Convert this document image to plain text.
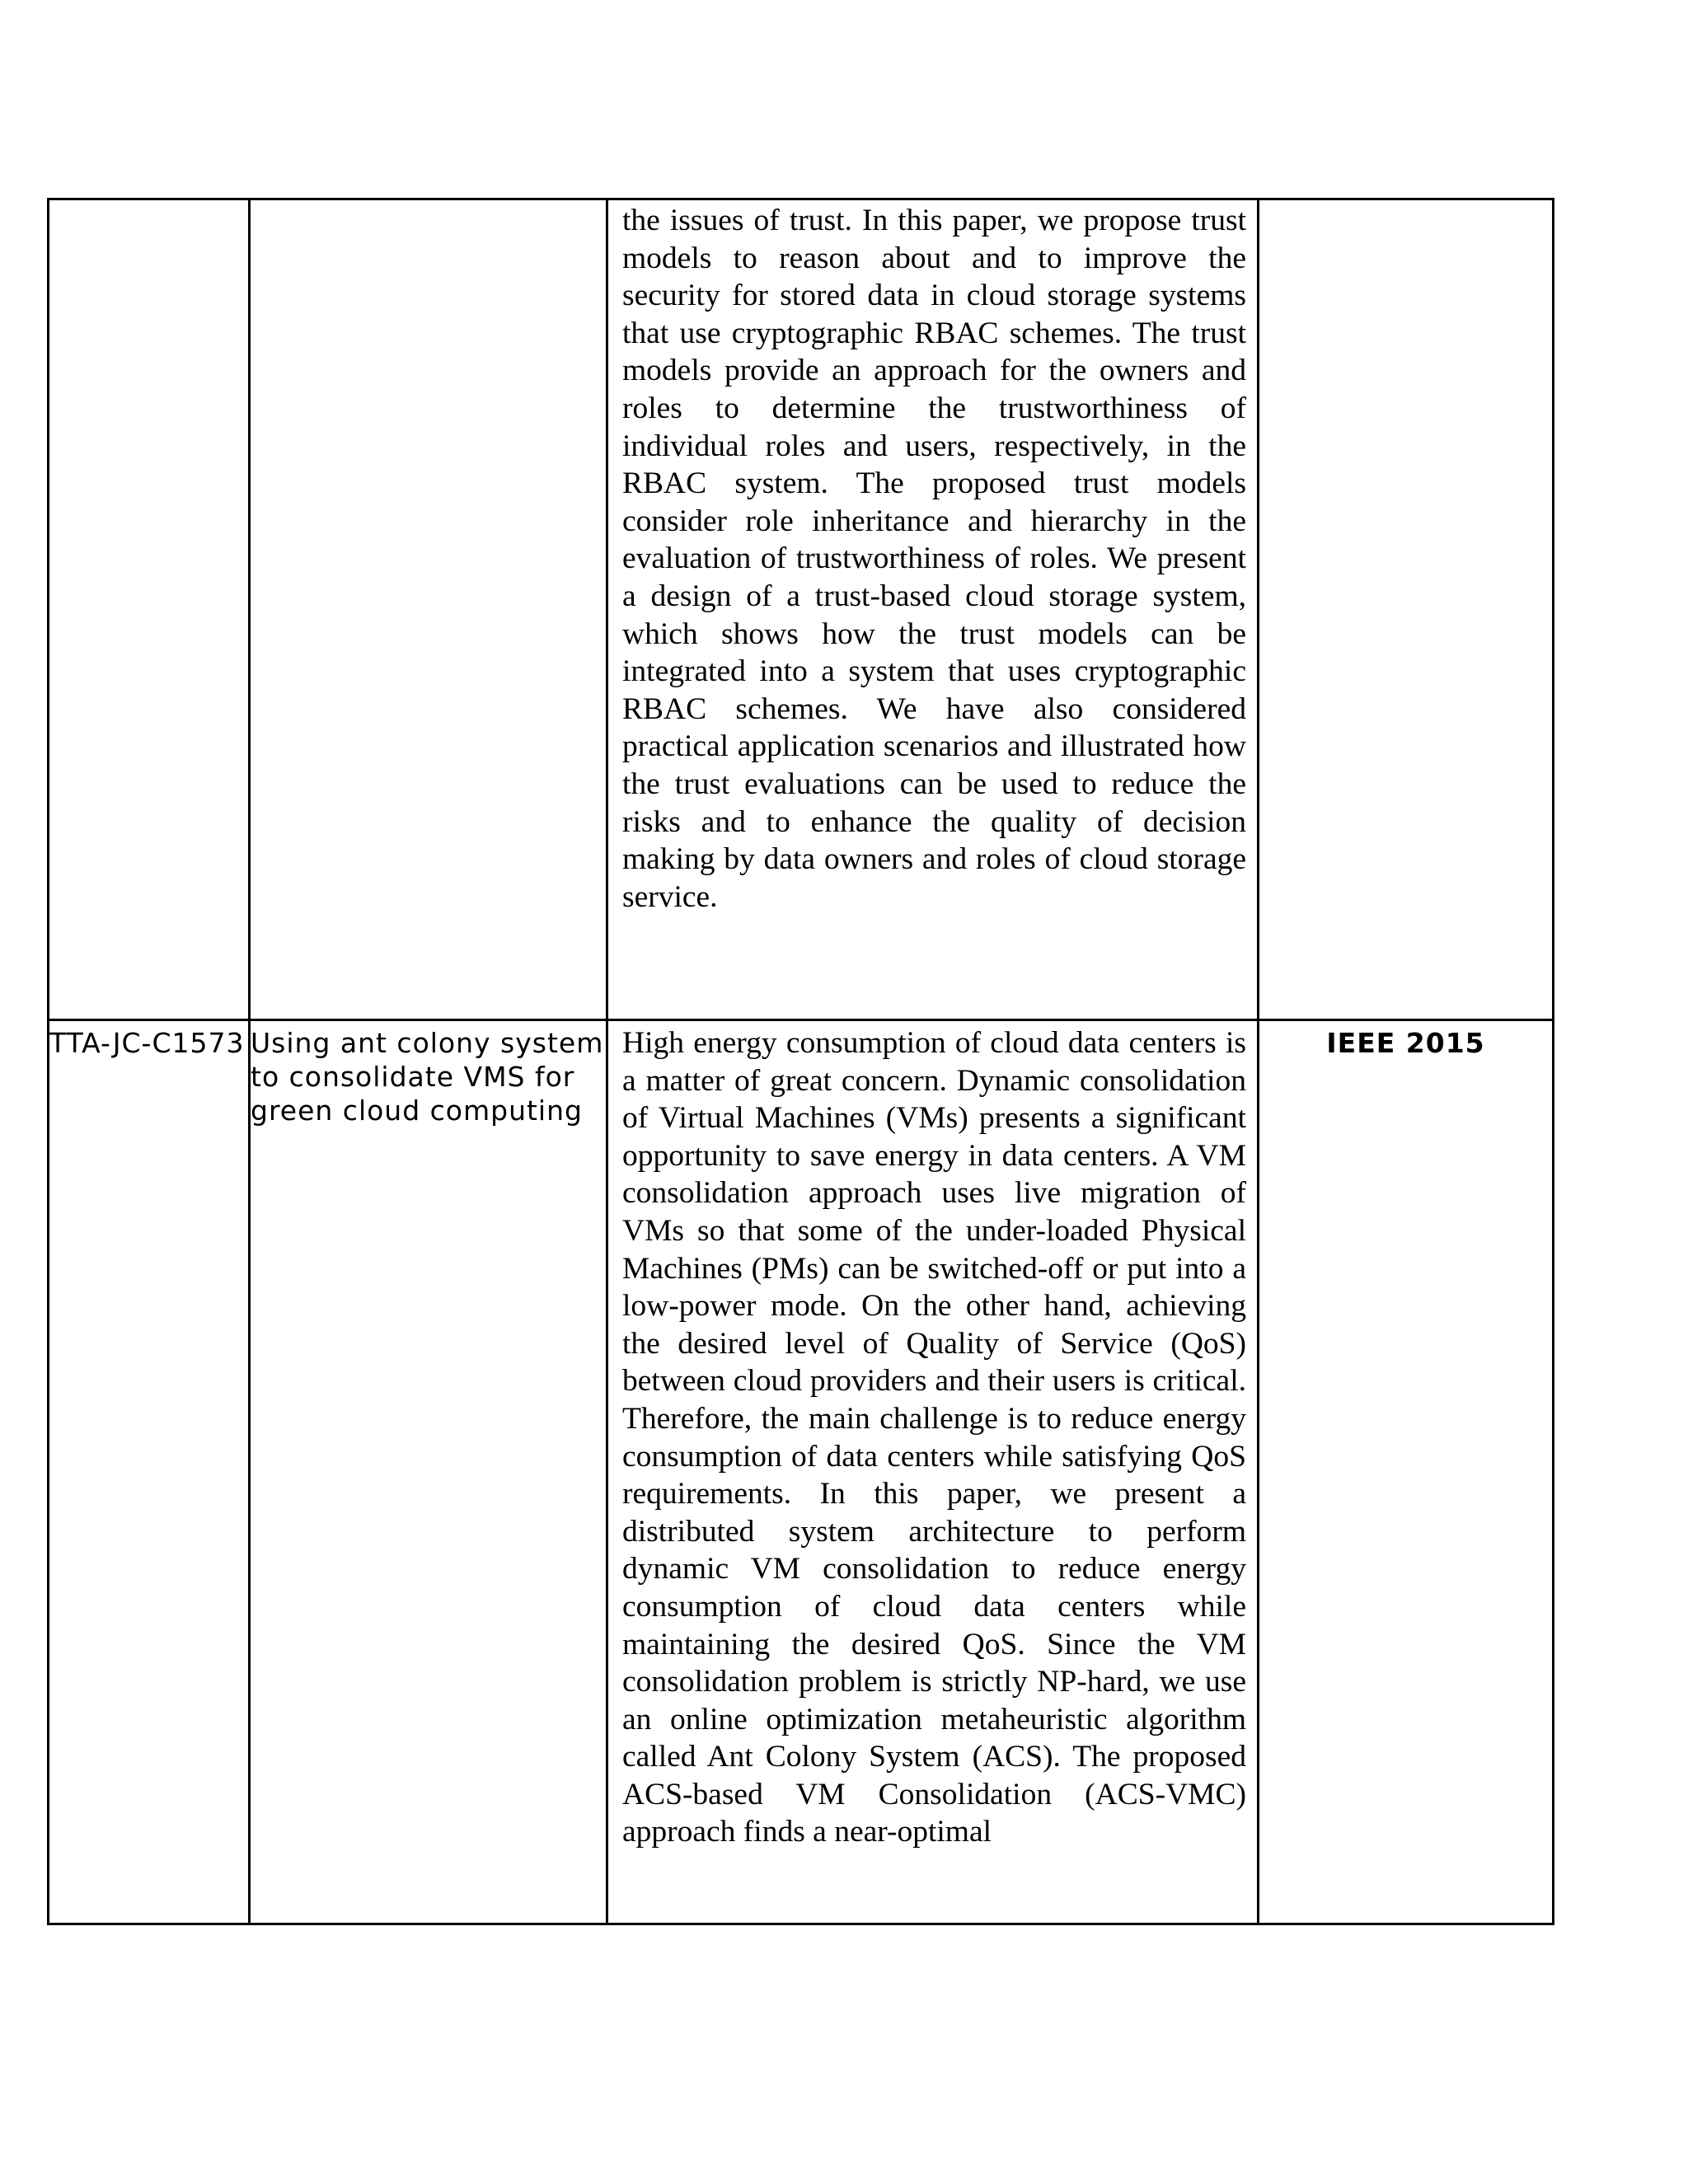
		the issues of trust. In this paper, we propose trust models to reason about and to improve the security for stored data in cloud storage systems that use cryptographic RBAC schemes. The trust models provide an approach for the owners and roles to determine the trustworthiness of individual roles and users, respectively, in the RBAC system. The proposed trust models consider role inheritance and hierarchy in the evaluation of trustworthiness of roles. We present a design of a trust-based cloud storage system, which shows how the trust models can be integrated into a system that uses cryptographic RBAC schemes. We have also considered practical application scenarios and illustrated how the trust evaluations can be used to reduce the risks and to enhance the quality of decision making by data owners and roles of cloud storage service.	

TTA-JC-C1573	Using ant colony system to consolidate VMS for green cloud computing	High energy consumption of cloud data centers is a matter of great concern. Dynamic consolidation of Virtual Machines (VMs) presents a significant opportunity to save energy in data centers. A VM consolidation approach uses live migration of VMs so that some of the under-loaded Physical Machines (PMs) can be switched-off or put into a low-power mode. On the other hand, achieving the desired level of Quality of Service (QoS) between cloud providers and their users is critical. Therefore, the main challenge is to reduce energy consumption of data centers while satisfying QoS requirements. In this paper, we present a distributed system architecture to perform dynamic VM consolidation to reduce energy consumption of cloud data centers while maintaining the desired QoS. Since the VM consolidation problem is strictly NP-hard, we use an online optimization metaheuristic algorithm called Ant Colony System (ACS). The proposed ACS-based VM Consolidation (ACS-VMC) approach finds a near-optimal	IEEE 2015
